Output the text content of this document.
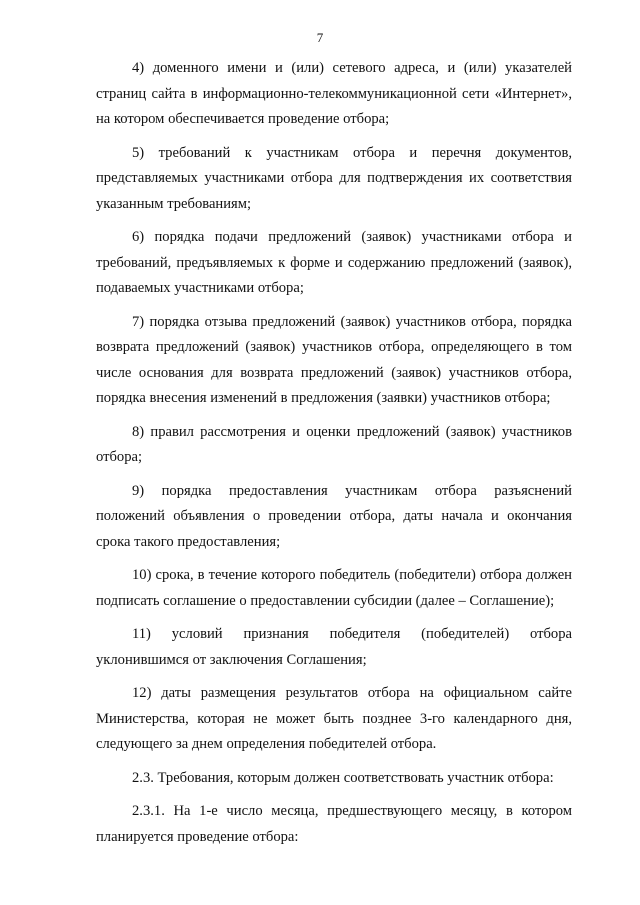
7

4) доменного имени и (или) сетевого адреса, и (или) указателей страниц сайта в информационно-телекоммуникационной сети «Интернет», на котором обеспечивается проведение отбора;

5) требований к участникам отбора и перечня документов, представляемых участниками отбора для подтверждения их соответствия указанным требованиям;

6) порядка подачи предложений (заявок) участниками отбора и требований, предъявляемых к форме и содержанию предложений (заявок), подаваемых участниками отбора;

7) порядка отзыва предложений (заявок) участников отбора, порядка возврата предложений (заявок) участников отбора, определяющего в том числе основания для возврата предложений (заявок) участников отбора, порядка внесения изменений в предложения (заявки) участников отбора;

8) правил рассмотрения и оценки предложений (заявок) участников отбора;

9) порядка предоставления участникам отбора разъяснений положений объявления о проведении отбора, даты начала и окончания срока такого предоставления;

10) срока, в течение которого победитель (победители) отбора должен подписать соглашение о предоставлении субсидии (далее – Соглашение);

11) условий признания победителя (победителей) отбора уклонившимся от заключения Соглашения;

12) даты размещения результатов отбора на официальном сайте Министерства, которая не может быть позднее 3-го календарного дня, следующего за днем определения победителей отбора.

2.3. Требования, которым должен соответствовать участник отбора:

2.3.1. На 1-е число месяца, предшествующего месяцу, в котором планируется проведение отбора:
